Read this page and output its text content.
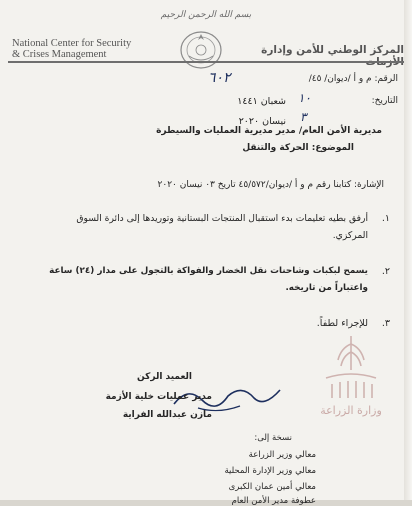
بسم الله الرحمن الرحيم
National Center for Security
& Crises Management	المركز الوطني للأمن وإدارة
الرقم: م و أ /ديوان/ ٤٥/
٦٠٢
التاريخ:
١٠
شعبان ١٤٤١
٣
نيسان ٢٠٢٠
مديرية الأمن العام/ مدير مديرية العمليات والسيطرة
الموضوع: الحركة والتنقل
الإشارة: كتابنا رقم م و أ /ديوان/٤٥/٥٧٢ تاريخ ٠٣ نيسان ٢٠٢٠
١.
أرفق بطيه تعليمات بدء استقبال المنتجات البستانية وتوريدها إلى دائرة السوق
المركزي.
٢.
يسمح لبكبات وشاحنات نقل الخضار والفواكة بالتجول على مدار (٢٤) ساعة
واعتباراً من تاريخه.
٣.
للإجراء لطفاً.
وزارة الزراعة
العميد الركن
مدير عمليات خلية الأزمة
مازن عبدالله الفراية
نسخة إلى:
معالي وزير الزراعة
معالي وزير الإدارة المحلية
معالي أمين عمان الكبرى
عطوفة مدير الأمن العام
